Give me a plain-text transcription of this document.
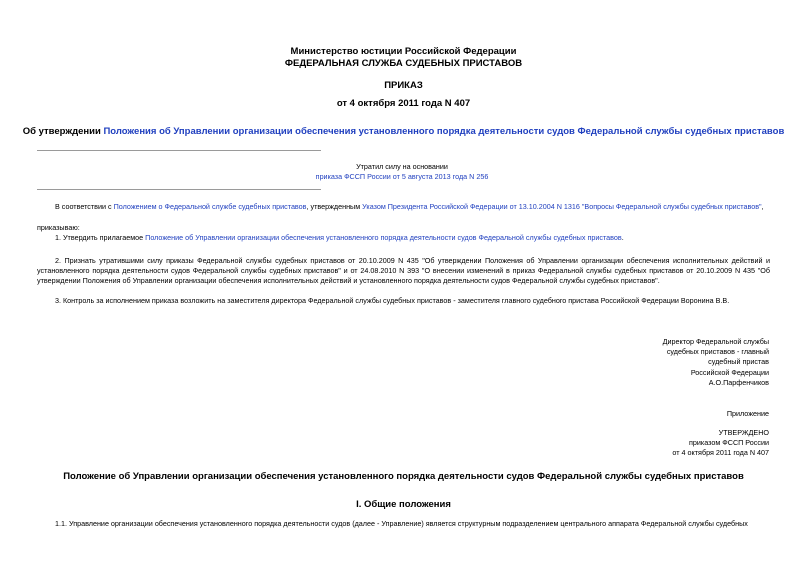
Министерство юстиции Российской Федерации
ФЕДЕРАЛЬНАЯ СЛУЖБА СУДЕБНЫХ ПРИСТАВОВ
ПРИКАЗ
от 4 октября 2011 года N 407
Об утверждении Положения об Управлении организации обеспечения установленного порядка деятельности судов Федеральной службы судебных приставов
Утратил силу на основании
приказа ФССП России от 5 августа 2013 года N 256
В соответствии с Положением о Федеральной службе судебных приставов, утвержденным Указом Президента Российской Федерации от 13.10.2004 N 1316 "Вопросы Федеральной службы судебных приставов",
приказываю:
1. Утвердить прилагаемое Положение об Управлении организации обеспечения установленного порядка деятельности судов Федеральной службы судебных приставов.
2. Признать утратившими силу приказы Федеральной службы судебных приставов от 20.10.2009 N 435 "Об утверждении Положения об Управлении организации обеспечения исполнительных действий и установленного порядка деятельности судов Федеральной службы судебных приставов" и от 24.08.2010 N 393 "О внесении изменений в приказ Федеральной службы судебных приставов от 20.10.2009 N 435 "Об утверждении Положения об Управлении организации обеспечения исполнительных действий и установленного порядка деятельности судов Федеральной службы судебных приставов".
3. Контроль за исполнением приказа возложить на заместителя директора Федеральной службы судебных приставов - заместителя главного судебного пристава Российской Федерации Воронина В.В.
Директор Федеральной службы
судебных приставов - главный
судебный пристав
Российской Федерации
А.О.Парфенчиков
Приложение
УТВЕРЖДЕНО
приказом ФССП России
от 4 октября 2011 года N 407
Положение об Управлении организации обеспечения установленного порядка деятельности судов Федеральной службы судебных приставов
I. Общие положения
1.1. Управление организации обеспечения установленного порядка деятельности судов (далее - Управление) является структурным подразделением центрального аппарата Федеральной службы судебных
